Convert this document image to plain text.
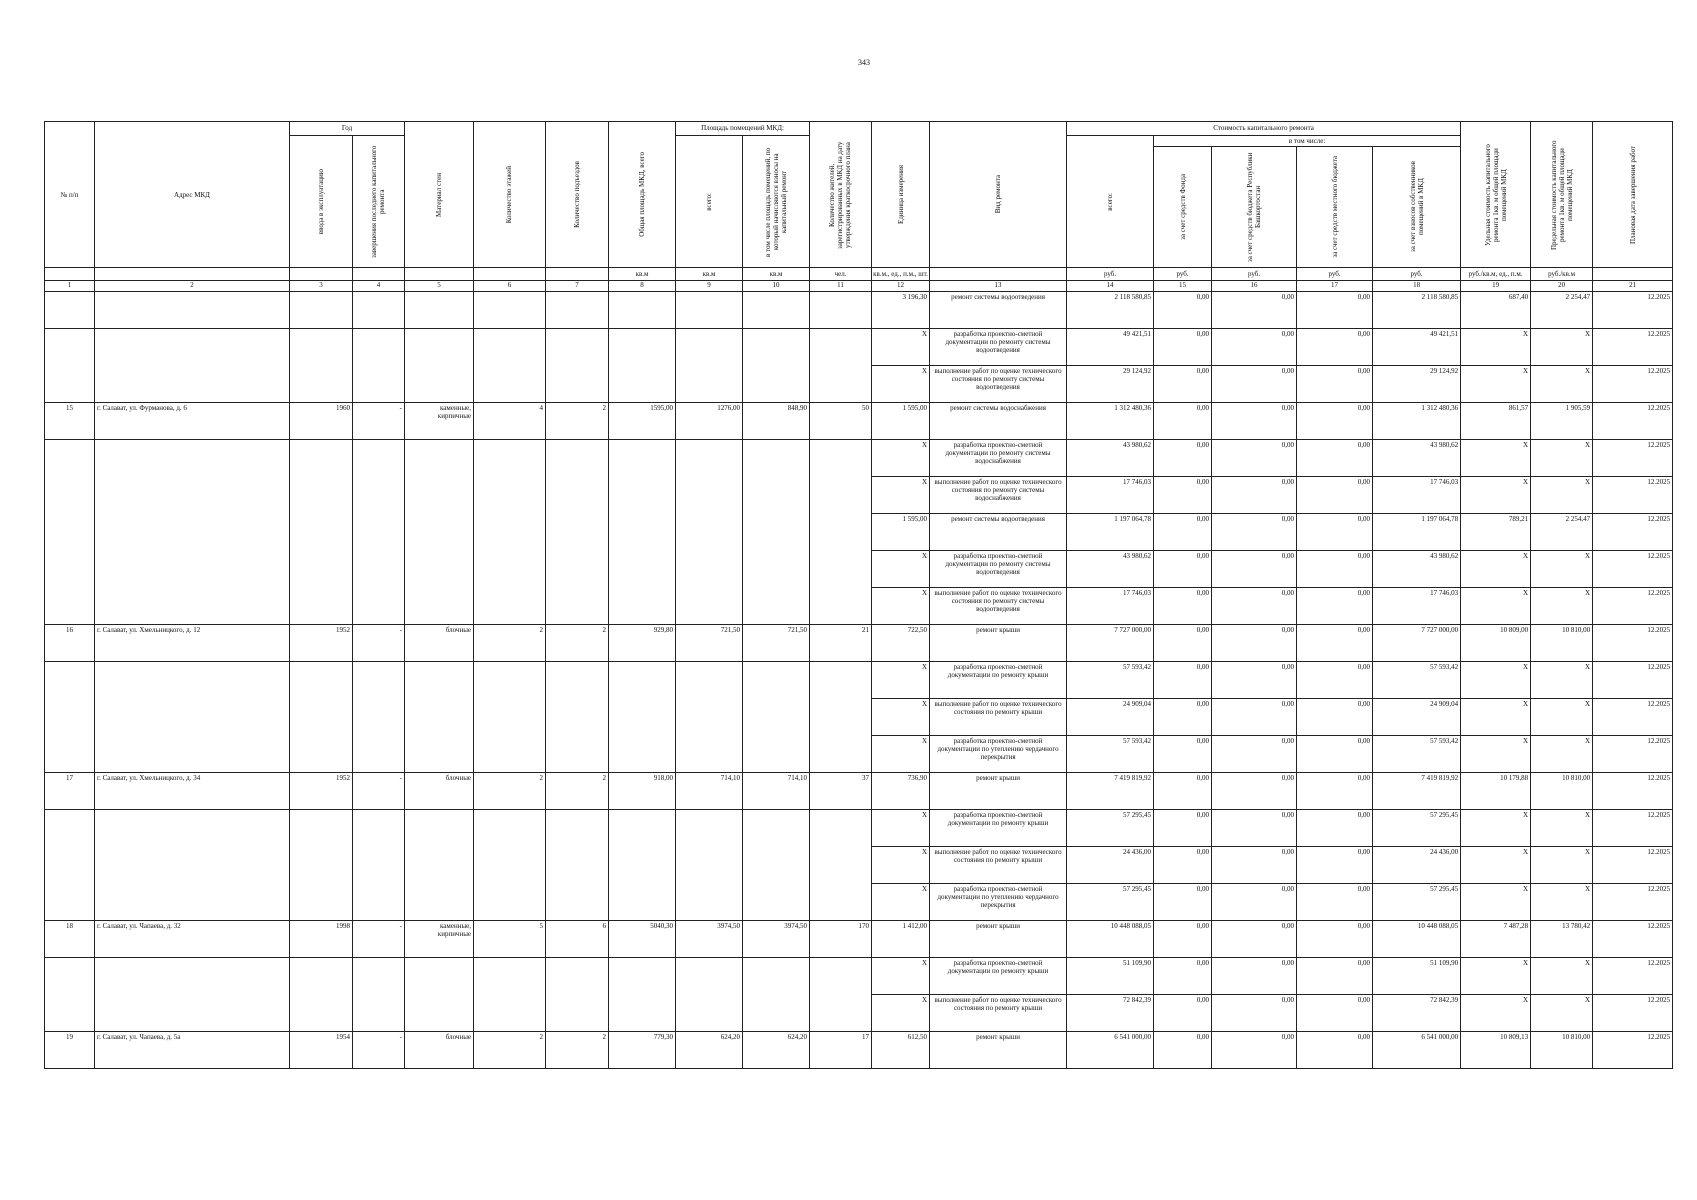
343
№ п/п	Адрес МКД	Год		Материал стен	Количество этажей	Количество подъездов	Общая площадь МКД, всего	Площадь помещений МКД:		Количество жителей, зарегистрированных в МКД на дату утверждения краткосрочного плана	Единица измерения	Вид ремонта	Стоимость капитального ремонта					Удельная стоимость капитального ремонта 1кв. м общей площади помещений МКД	Предельная стоимость капитального ремонта 1кв. м общей площади помещений МКД	Плановая дата завершения работ

		ввода в эксплуатацию	завершения последнего капитального ремонта					всего:	в том числе площадь помещений, по который начисляются взносы на капитальный ремонт				всего:	в том числе:						

														за счет средств Фонда	за счет средств бюджета Республики Башкортостан	за счет средств местного бюджета	за счет взносов собственников помещений в МКД			

							кв.м	кв.м	кв.м	чел.	кв.м., ед., п.м., шт.		руб.	руб.	руб.	руб.	руб.	руб./кв.м, ед., п.м.	руб./кв.м	
1	2	3	4	5	6	7	8	9	10	11	12	13	14	15	16	17	18	19	20	21
											3 196,30	ремонт системы водоотведения	2 118 580,85	0,00	0,00	0,00	2 118 580,85	687,40	2 254,47	12.2025
											X	разработка проектно-сметной документации по ремонту системы водоотведения	49 421,51	0,00	0,00	0,00	49 421,51	X	X	12.2025
											X	выполнение работ по оценке технического состояния по ремонту системы водоотведения	29 124,92	0,00	0,00	0,00	29 124,92	X	X	12.2025
15	г. Салават, ул. Фурманова, д. 6	1960	-	каменные, кирпичные	4	2	1595,00	1276,00	848,90	50	1 595,00	ремонт системы водоснабжения	1 312 480,36	0,00	0,00	0,00	1 312 480,36	861,57	1 905,59	12.2025
											X	разработка проектно-сметной документации по ремонту системы водоснабжения	43 980,62	0,00	0,00	0,00	43 980,62	X	X	12.2025
											X	выполнение работ по оценке технического состояния по ремонту системы водоснабжения	17 746,03	0,00	0,00	0,00	17 746,03	X	X	12.2025
											1 595,00	ремонт системы водоотведения	1 197 064,78	0,00	0,00	0,00	1 197 064,78	789,21	2 254,47	12.2025
											X	разработка проектно-сметной документации по ремонту системы водоотведения	43 980,62	0,00	0,00	0,00	43 980,62	X	X	12.2025
											X	выполнение работ по оценке технического состояния по ремонту системы водоотведения	17 746,03	0,00	0,00	0,00	17 746,03	X	X	12.2025
16	г. Салават, ул. Хмельницкого, д. 12	1952	-	блочные	2	2	929,80	721,50	721,50	21	722,50	ремонт крыши	7 727 000,00	0,00	0,00	0,00	7 727 000,00	10 809,00	10 810,00	12.2025
											X	разработка проектно-сметной документации по ремонту крыши	57 593,42	0,00	0,00	0,00	57 593,42	X	X	12.2025
											X	выполнение работ по оценке технического состояния по ремонту крыши	24 909,04	0,00	0,00	0,00	24 909,04	X	X	12.2025
											X	разработка проектно-сметной документации по утеплению чердачного перекрытия	57 593,42	0,00	0,00	0,00	57 593,42	X	X	12.2025
17	г. Салават, ул. Хмельницкого, д. 34	1952	-	блочные	2	2	918,00	714,10	714,10	37	736,90	ремонт крыши	7 419 819,92	0,00	0,00	0,00	7 419 819,92	10 179,88	10 810,00	12.2025
											X	разработка проектно-сметной документации по ремонту крыши	57 295,45	0,00	0,00	0,00	57 295,45	X	X	12.2025
											X	выполнение работ по оценке технического состояния по ремонту крыши	24 436,00	0,00	0,00	0,00	24 436,00	X	X	12.2025
											X	разработка проектно-сметной документации по утеплению чердачного перекрытия	57 295,45	0,00	0,00	0,00	57 295,45	X	X	12.2025
18	г. Салават, ул. Чапаева, д. 32	1998	-	каменные, кирпичные	5	6	5040,30	3974,50	3974,50	170	1 412,00	ремонт крыши	10 448 088,05	0,00	0,00	0,00	10 448 088,05	7 487,28	13 780,42	12.2025
											X	разработка проектно-сметной документации по ремонту крыши	51 109,90	0,00	0,00	0,00	51 109,90	X	X	12.2025
											X	выполнение работ по оценке технического состояния по ремонту крыши	72 842,39	0,00	0,00	0,00	72 842,39	X	X	12.2025
19	г. Салават, ул. Чапаева, д. 5а	1954	-	блочные	2	2	779,30	624,20	624,20	17	612,50	ремонт крыши	6 541 000,00	0,00	0,00	0,00	6 541 000,00	10 809,13	10 810,00	12.2025
